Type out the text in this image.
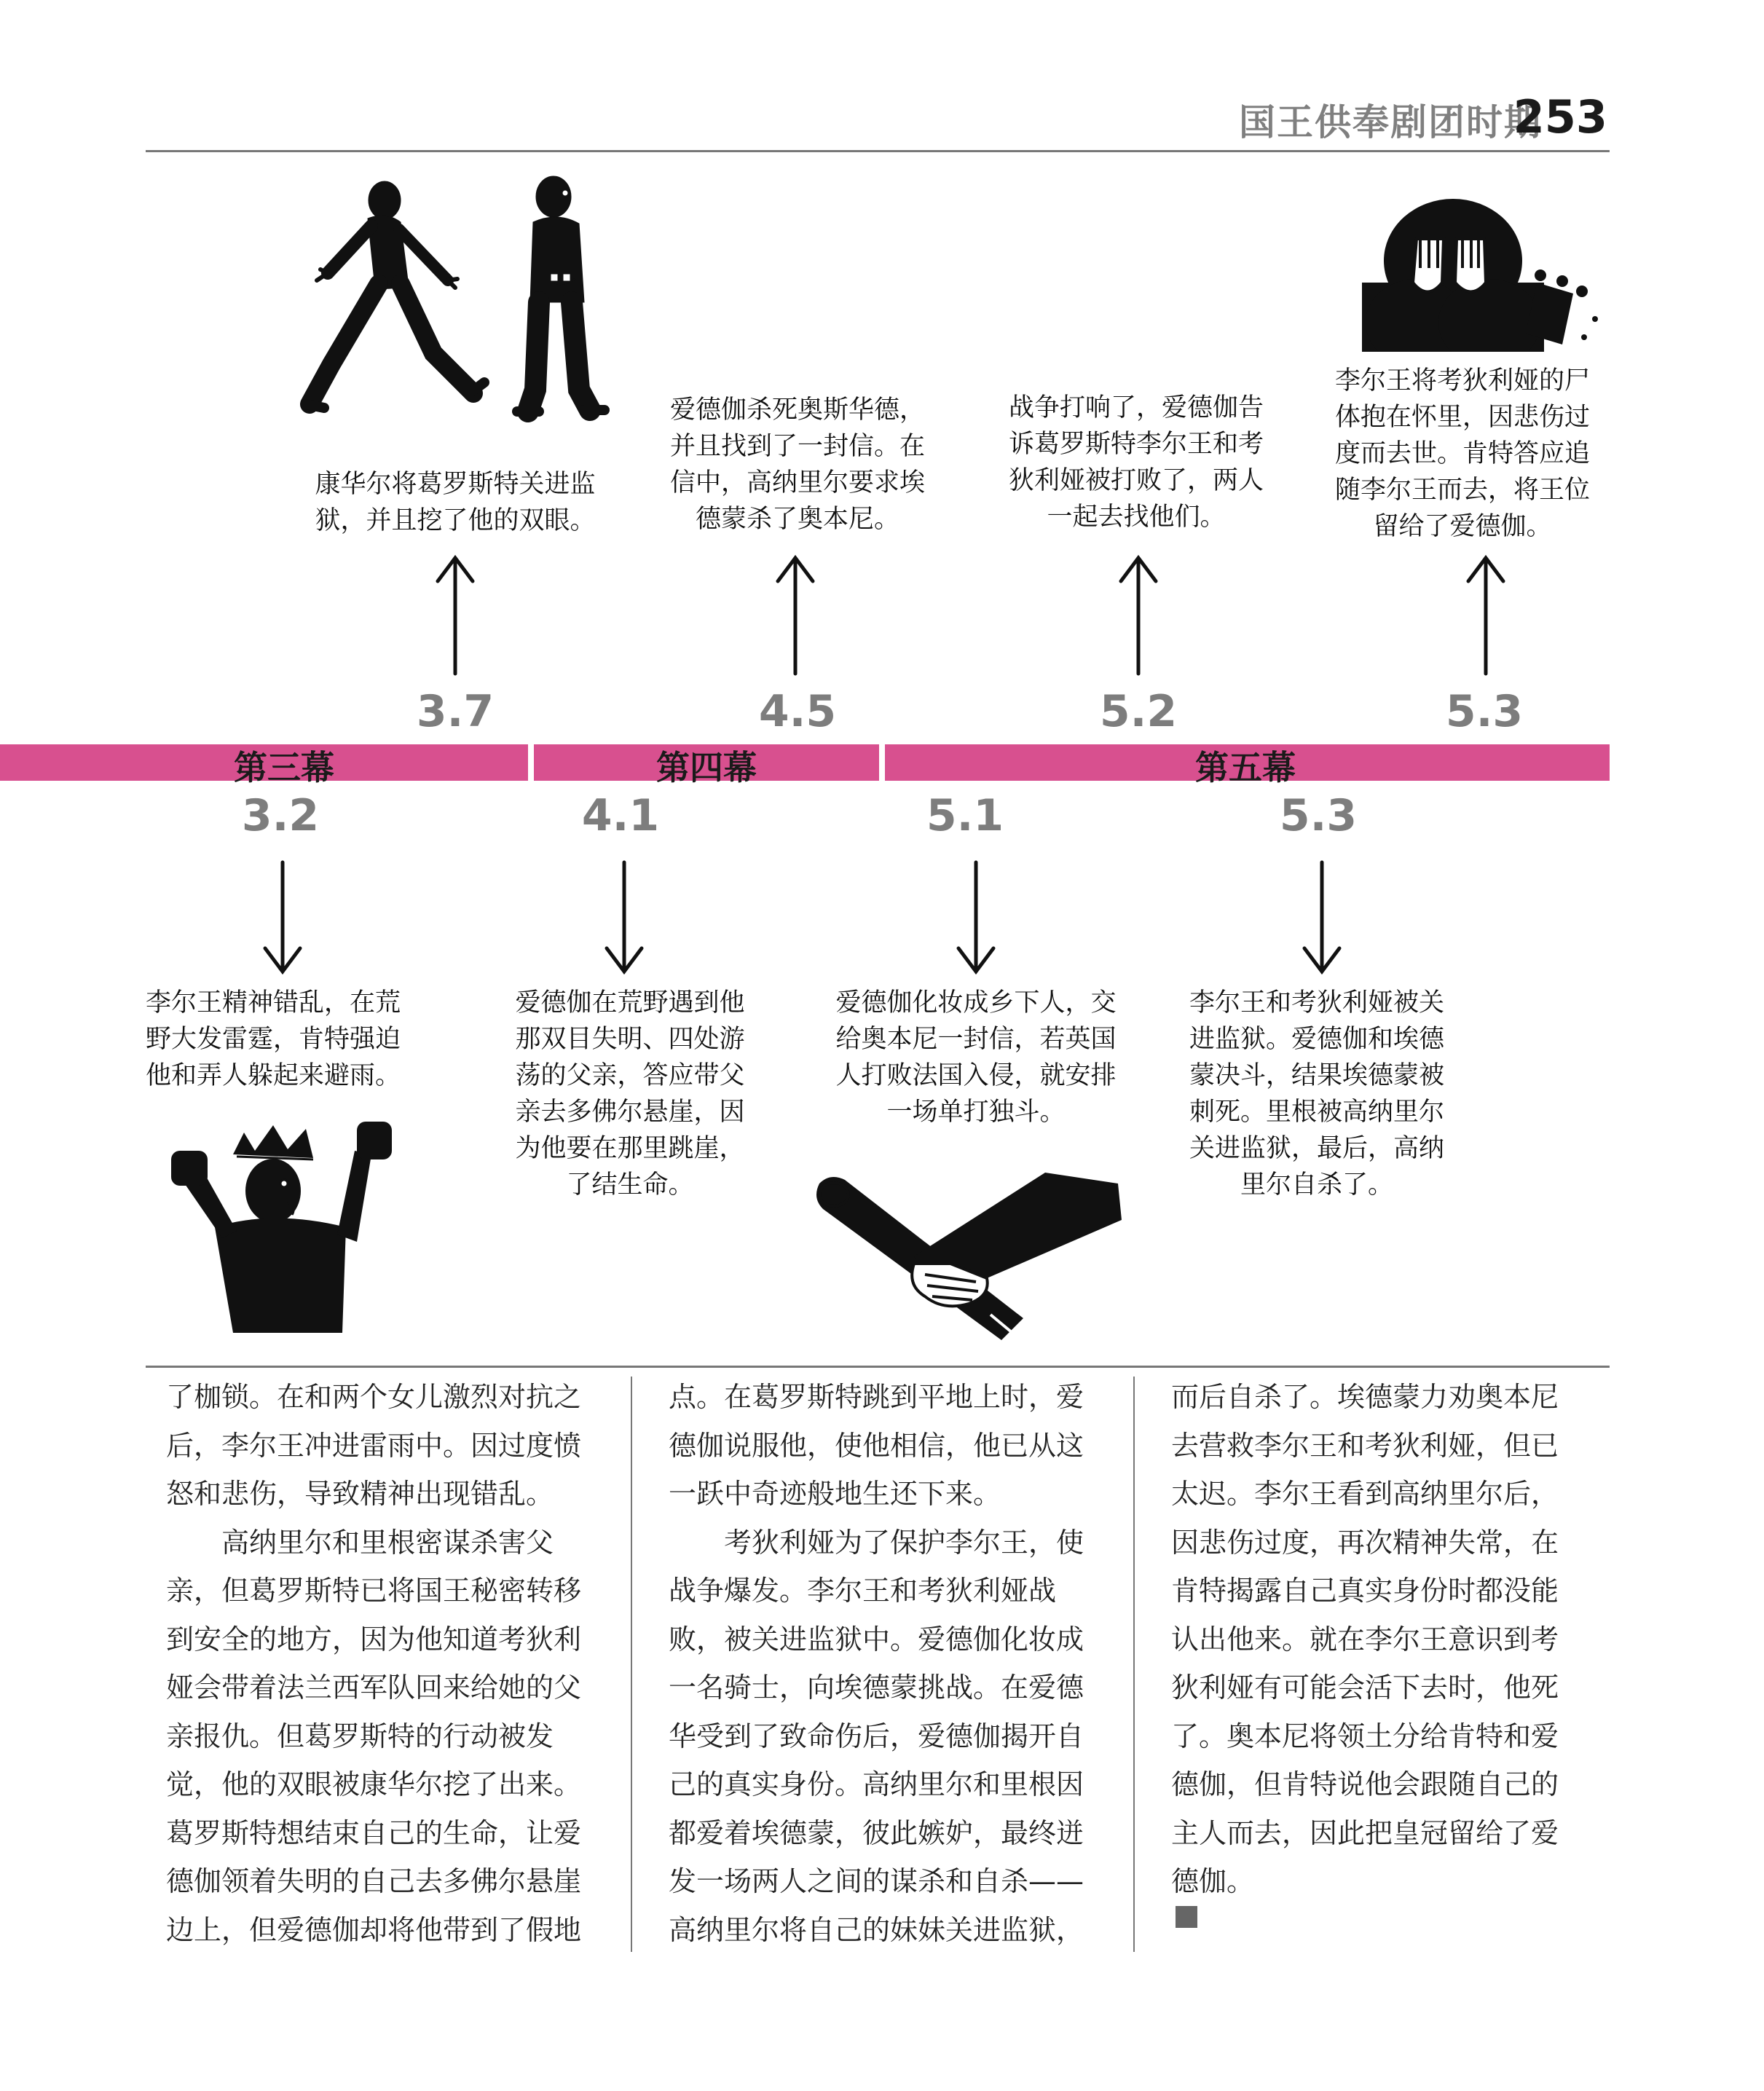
国王供奉剧团时期
253
康华尔将葛罗斯特关进监
狱，并且挖了他的双眼。
爱德伽杀死奥斯华德，
并且找到了一封信。在
信中，高纳里尔要求埃
德蒙杀了奥本尼。
战争打响了，爱德伽告
诉葛罗斯特李尔王和考
狄利娅被打败了，两人
一起去找他们。
李尔王将考狄利娅的尸
体抱在怀里，因悲伤过
度而去世。肯特答应追
随李尔王而去，将王位
留给了爱德伽。
3.7	4.5	5.2	5.3
第三幕	第四幕	第五幕
3.2	4.1	5.1	5.3
李尔王精神错乱，在荒
野大发雷霆，肯特强迫
他和弄人躲起来避雨。
爱德伽在荒野遇到他
那双目失明、四处游
荡的父亲，答应带父
亲去多佛尔悬崖，因
为他要在那里跳崖，
了结生命。
爱德伽化妆成乡下人，交
给奥本尼一封信，若英国
人打败法国入侵，就安排
一场单打独斗。
李尔王和考狄利娅被关
进监狱。爱德伽和埃德
蒙决斗，结果埃德蒙被
刺死。里根被高纳里尔
关进监狱，最后，高纳
里尔自杀了。
了枷锁。在和两个女儿激烈对抗之
后，李尔王冲进雷雨中。因过度愤
怒和悲伤，导致精神出现错乱。
高纳里尔和里根密谋杀害父
亲，但葛罗斯特已将国王秘密转移
到安全的地方，因为他知道考狄利
娅会带着法兰西军队回来给她的父
亲报仇。但葛罗斯特的行动被发
觉，他的双眼被康华尔挖了出来。
葛罗斯特想结束自己的生命，让爱
德伽领着失明的自己去多佛尔悬崖
边上，但爱德伽却将他带到了假地
点。在葛罗斯特跳到平地上时，爱
德伽说服他，使他相信，他已从这
一跃中奇迹般地生还下来。
考狄利娅为了保护李尔王，使
战争爆发。李尔王和考狄利娅战
败，被关进监狱中。爱德伽化妆成
一名骑士，向埃德蒙挑战。在爱德
华受到了致命伤后，爱德伽揭开自
己的真实身份。高纳里尔和里根因
都爱着埃德蒙，彼此嫉妒，最终迸
发一场两人之间的谋杀和自杀——
高纳里尔将自己的妹妹关进监狱，
而后自杀了。埃德蒙力劝奥本尼
去营救李尔王和考狄利娅，但已
太迟。李尔王看到高纳里尔后，
因悲伤过度，再次精神失常，在
肯特揭露自己真实身份时都没能
认出他来。就在李尔王意识到考
狄利娅有可能会活下去时，他死
了。奥本尼将领土分给肯特和爱
德伽，但肯特说他会跟随自己的
主人而去，因此把皇冠留给了爱
德伽。
